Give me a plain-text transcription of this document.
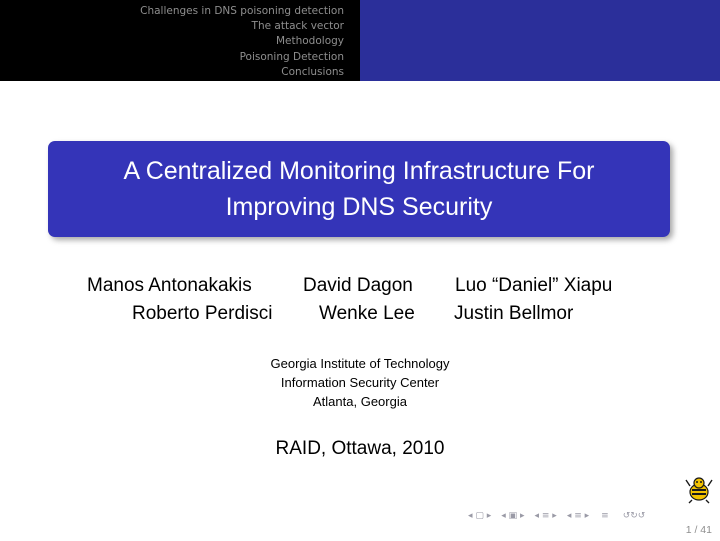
Challenges in DNS poisoning detection
The attack vector
Methodology
Poisoning Detection
Conclusions
A Centralized Monitoring Infrastructure For
Improving DNS Security
Manos Antonakakis	David Dagon Luo “Daniel” Xiapu
Roberto Perdisci Wenke Lee Justin Bellmor
Georgia Institute of Technology
Information Security Center
Atlanta, Georgia
RAID, Ottawa, 2010
◂ ▢ ▸ ◂ ▣ ▸ ◂ ≡ ▸ ◂ ≡ ▸ ≡ ↺↻↺
1 / 41
